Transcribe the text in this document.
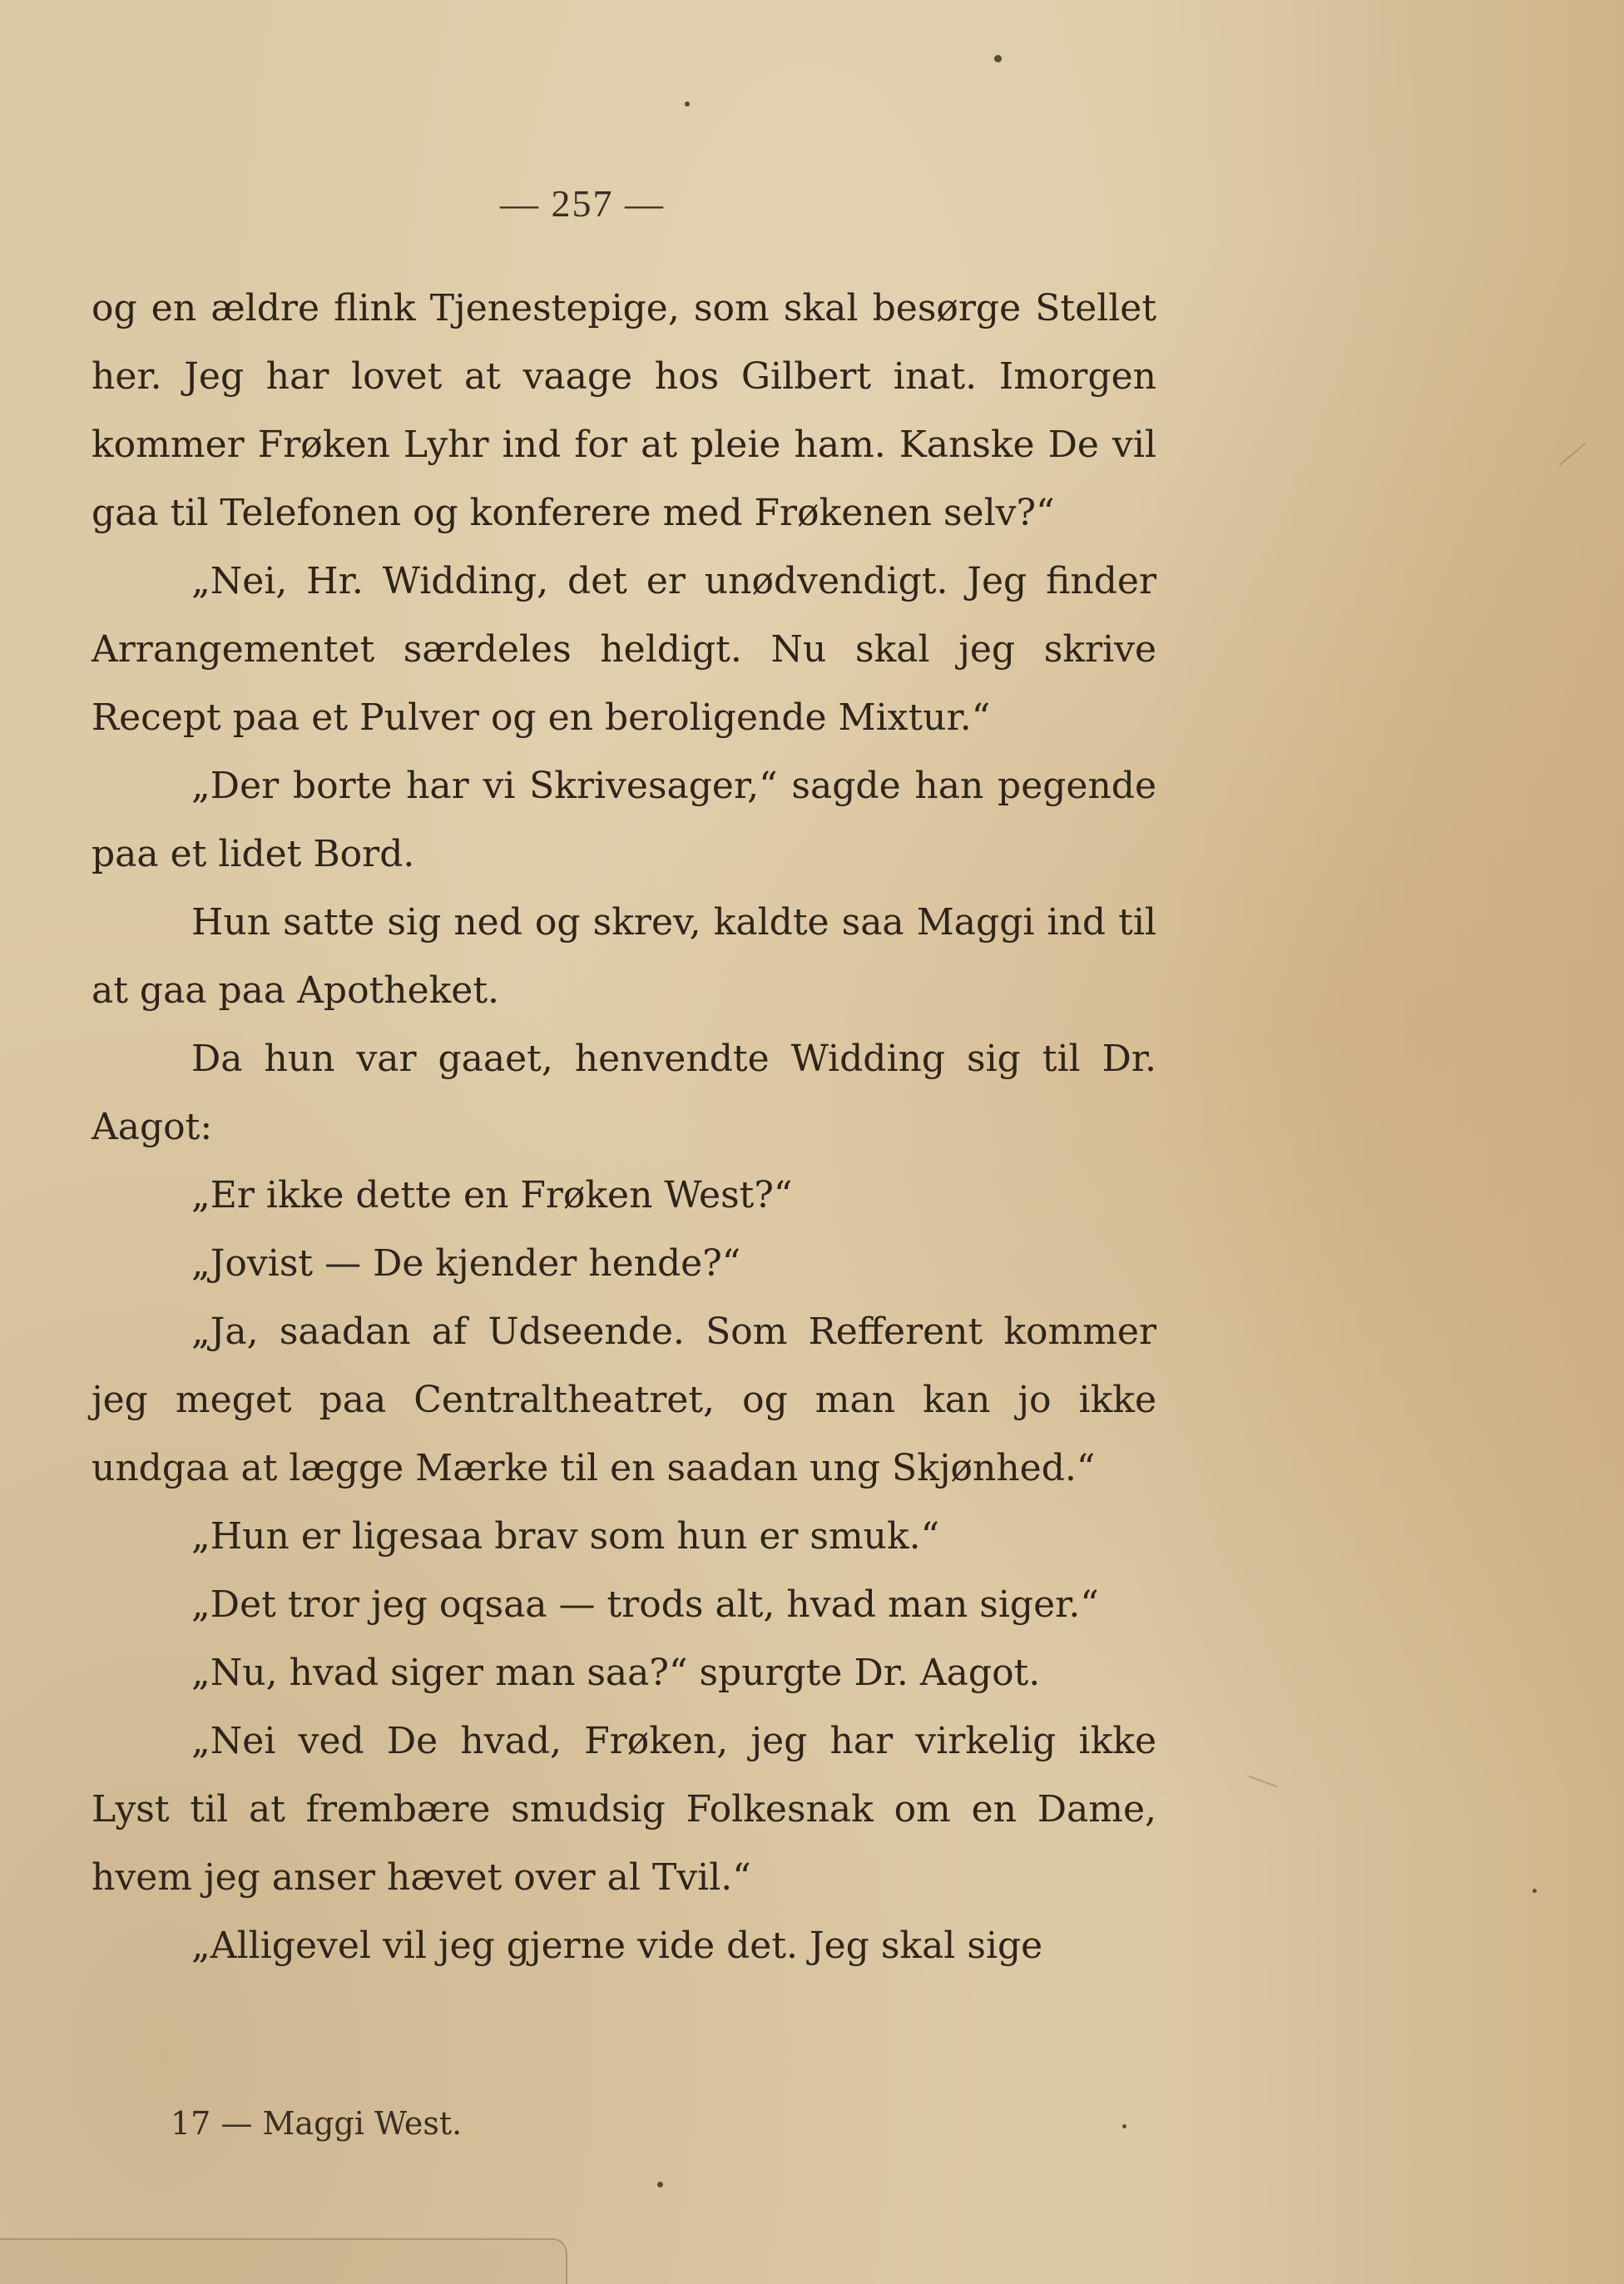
— 257 —

og en ældre flink Tjenestepige, som skal besørge Stellet her. Jeg har lovet at vaage hos Gilbert inat. Imorgen kommer Frøken Lyhr ind for at pleie ham. Kanske De vil gaa til Telefonen og konferere med Frøkenen selv?“

„Nei, Hr. Widding, det er unødvendigt. Jeg finder Arrangementet særdeles heldigt. Nu skal jeg skrive Recept paa et Pulver og en beroligende Mixtur.“

„Der borte har vi Skrivesager,“ sagde han pegende paa et lidet Bord.

Hun satte sig ned og skrev, kaldte saa Maggi ind til at gaa paa Apotheket.

Da hun var gaaet, henvendte Widding sig til Dr. Aagot:

„Er ikke dette en Frøken West?“

„Jovist — De kjender hende?“

„Ja, saadan af Udseende. Som Refferent kommer jeg meget paa Centraltheatret, og man kan jo ikke undgaa at lægge Mærke til en saadan ung Skjønhed.“

„Hun er ligesaa brav som hun er smuk.“

„Det tror jeg oqsaa — trods alt, hvad man siger.“

„Nu, hvad siger man saa?“ spurgte Dr. Aagot.

„Nei ved De hvad, Frøken, jeg har virkelig ikke Lyst til at frembære smudsig Folkesnak om en Dame, hvem jeg anser hævet over al Tvil.“

„Alligevel vil jeg gjerne vide det. Jeg skal sige

17 — Maggi West.
